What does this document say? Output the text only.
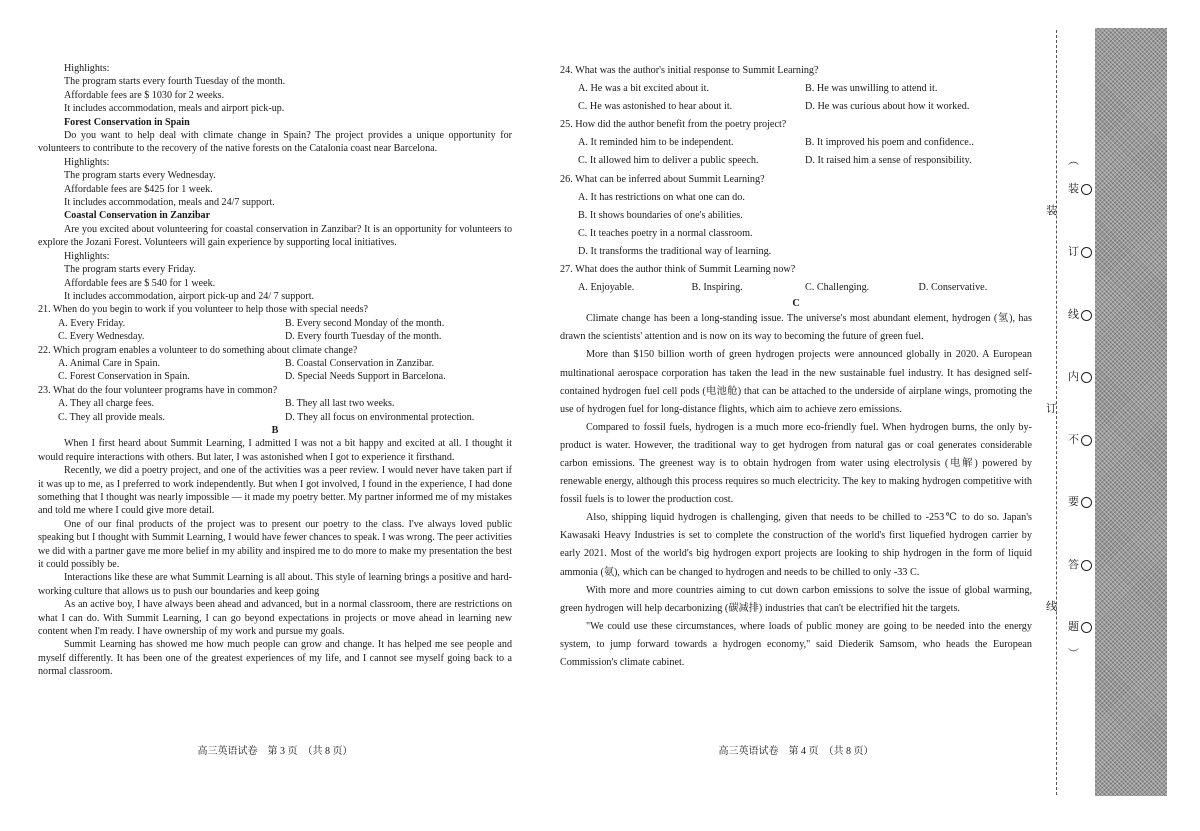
Highlights:

The program starts every fourth Tuesday of the month.

Affordable fees are $ 1030 for 2 weeks.

It includes accommodation, meals and airport pick-up.

Forest Conservation in Spain

Do you want to help deal with climate change in Spain? The project provides a unique opportunity for volunteers to contribute to the recovery of the native forests on the Catalonia coast near Barcelona.

Highlights:

The program starts every Wednesday.

Affordable fees are $425 for 1 week.

It includes accommodation, meals and 24/7 support.

Coastal Conservation in Zanzibar

Are you excited about volunteering for coastal conservation in Zanzibar? It is an opportunity for volunteers to explore the Jozani Forest. Volunteers will gain experience by supporting local initiatives.

Highlights:

The program starts every Friday.

Affordable fees are $ 540 for 1 week.

It includes accommodation, airport pick-up and 24/ 7 support.

21. When do you begin to work if you volunteer to help those with special needs?

A. Every Friday.	B. Every second Monday of the month.
C. Every Wednesday.	D. Every fourth Tuesday of the month.

22. Which program enables a volunteer to do something about climate change?

A. Animal Care in Spain.	B. Coastal Conservation in Zanzibar.
C. Forest Conservation in Spain.	D. Special Needs Support in Barcelona.

23. What do the four volunteer programs have in common?

A. They all charge fees.	B. They all last two weeks.
C. They all provide meals.	D. They all focus on environmental protection.

B

When I first heard about Summit Learning, I admitted I was not a bit happy and excited at all. I thought it would require interactions with others. But later, I was astonished when I got to experience it firsthand.

Recently, we did a poetry project, and one of the activities was a peer review. I would never have taken part if it was up to me, as I preferred to work independently. But when I got involved, I found in the experience, I had done something that I thought was nearly impossible — it made my poetry better. My partner informed me of my mistakes and told me where I could give more detail.

One of our final products of the project was to present our poetry to the class. I've always loved public speaking but I thought with Summit Learning, I would have fewer chances to speak. I was wrong. The peer activities we did with a partner gave me more belief in my ability and inspired me to do more to make my presentation the best it could possibly be.

Interactions like these are what Summit Learning is all about. This style of learning brings a positive and hard-working culture that allows us to push our boundaries and keep going

As an active boy, I have always been ahead and advanced, but in a normal classroom, there are restrictions on what I can do. With Summit Learning, I can go beyond expectations in projects or move ahead in learning new content when I'm ready. I have ownership of my work and pursue my goals.

Summit Learning has showed me how much people can grow and change. It has helped me see people and myself differently. It has been one of the greatest experiences of my life, and I cannot see myself going back to a normal classroom.

高三英语试卷　第 3 页　（共 8 页）

24. What was the author's initial response to Summit Learning?

A. He was a bit excited about it.	B. He was unwilling to attend it.
C. He was astonished to hear about it.	D. He was curious about how it worked.

25. How did the author benefit from the poetry project?

A. It reminded him to be independent.	B. It improved his poem and confidence..
C. It allowed him to deliver a public speech.	D. It raised him a sense of responsibility.

26. What can be inferred about Summit Learning?

A. It has restrictions on what one can do.

B. It shows boundaries of one's abilities.

C. It teaches poetry in a normal classroom.

D. It transforms the traditional way of learning.

27. What does the author think of Summit Learning now?

A. Enjoyable.	B. Inspiring.	C. Challenging.	D. Conservative.

C

Climate change has been a long-standing issue. The universe's most abundant element, hydrogen (氢), has drawn the scientists' attention and is now on its way to becoming the future of green fuel.

More than $150 billion worth of green hydrogen projects were announced globally in 2020. A European multinational aerospace corporation has taken the lead in the new sustainable fuel industry. It has designed self-contained hydrogen fuel cell pods (电池舱) that can be attached to the underside of airplane wings, promoting the use of hydrogen fuel for long-distance flights, which aim to achieve zero emissions.

Compared to fossil fuels, hydrogen is a much more eco-friendly fuel. When hydrogen burns, the only by-product is water. However, the traditional way to get hydrogen from natural gas or coal generates considerable carbon emissions. The greenest way is to obtain hydrogen from water using electrolysis (电解) powered by renewable energy, although this process requires so much electricity. The key to making hydrogen competitive with fossil fuels is to lower the production cost.

Also, shipping liquid hydrogen is challenging, given that needs to be chilled to -253℃ to do so. Japan's Kawasaki Heavy Industries is set to complete the construction of the world's first liquefied hydrogen carrier by early 2021. Most of the world's big hydrogen export projects are looking to ship hydrogen in the form of liquid ammonia (氨), which can be changed to hydrogen and needs to be chilled to only -33 C.

With more and more countries aiming to cut down carbon emissions to solve the issue of global warming, green hydrogen will help decarbonizing (碳减排) industries that can't be electrified hit the targets.

"We could use these circumstances, where loads of public money are going to be needed into the energy system, to jump forward towards a hydrogen economy," said Diederik Samsom, who heads the European Commission's climate cabinet.

高三英语试卷　第 4 页　（共 8 页）
︵
︶
装
订
线
内
不
要
答
题
装
订
线
